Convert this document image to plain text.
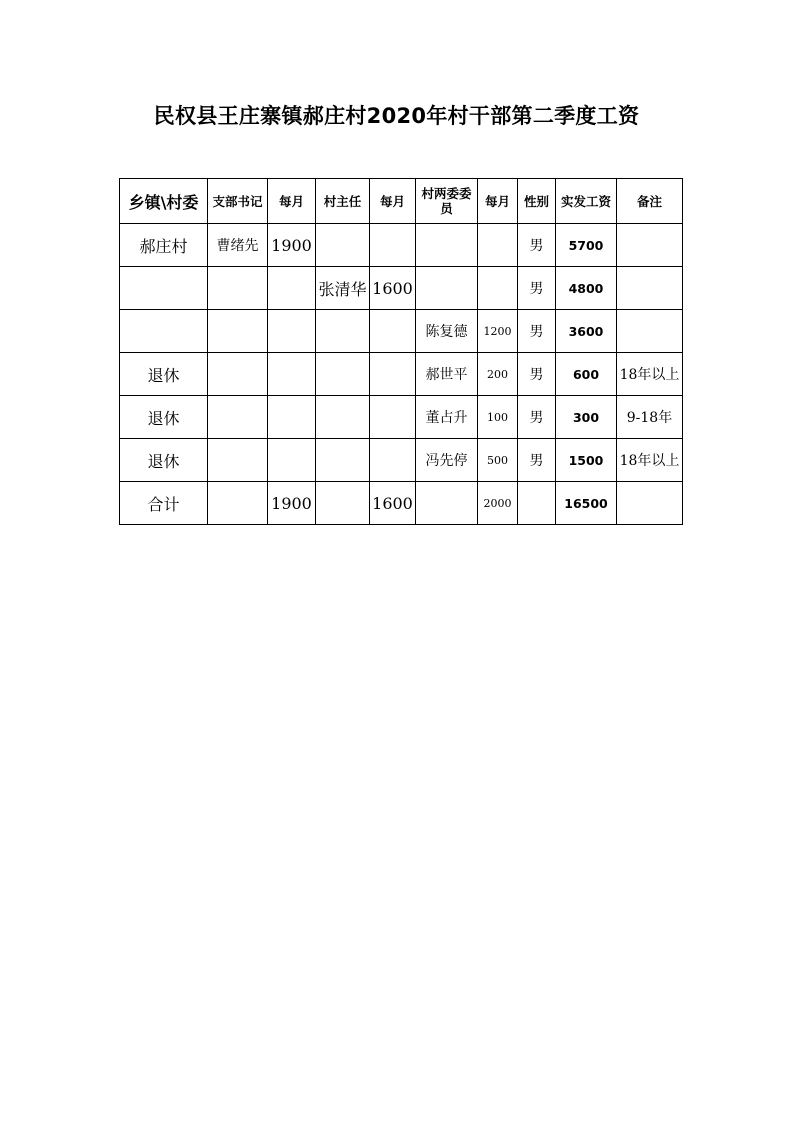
民权县王庄寨镇郝庄村2020年村干部第二季度工资
乡镇\村委	支部书记	每月	村主任	每月	村两委委员	每月	性别	实发工资	备注
郝庄村	曹绪先	1900					男	5700	
			张清华	1600			男	4800	
					陈复德	1200	男	3600	
退休					郝世平	200	男	600	18年以上
退休					董占升	100	男	300	9-18年
退休					冯先停	500	男	1500	18年以上
合计		1900		1600		2000		16500	
